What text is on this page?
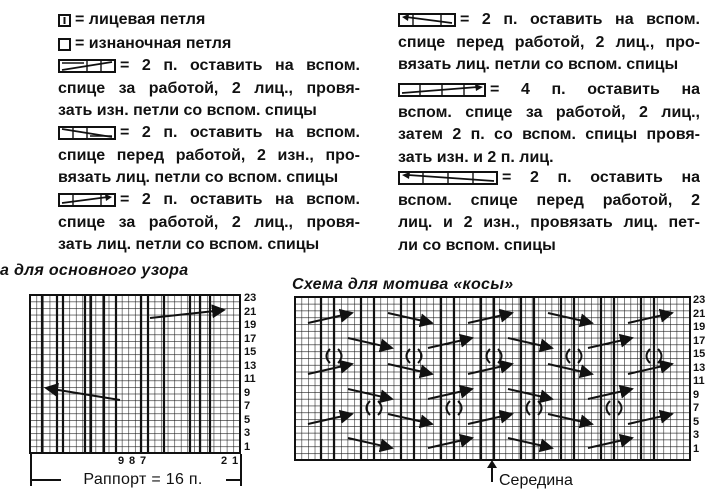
= лицевая петля
= изнаночная петля
= 2 п. оставить на вспом.
спице за работой, 2 лиц., провя-
зать изн. петли со вспом. спицы
= 2 п. оставить на вспом.
спице перед работой, 2 изн., про-
вязать лиц. петли со вспом. спицы
= 2 п. оставить на вспом.
спице за работой, 2 лиц., провя-
зать лиц. петли со вспом. спицы
= 2 п. оставить на вспом.
спице перед работой, 2 лиц., про-
вязать лиц. петли со вспом. спицы
= 4 п. оставить на
вспом. спице за работой, 2 лиц.,
затем 2 п. со вспом. спицы провя-
зать изн. и 2 п. лиц.
= 2 п. оставить на
вспом. спице перед работой, 2
лиц. и 2 изн., провязать лиц. пет-
ли со вспом. спицы
а для основного узора
23
21
19
17
15
13
11
9
7
5
3
1
9 8 7	2 1
Раппорт = 16 п.
Схема для мотива «косы»
23
21
19
17
15
13
11
9
7
5
3
1
Середина
